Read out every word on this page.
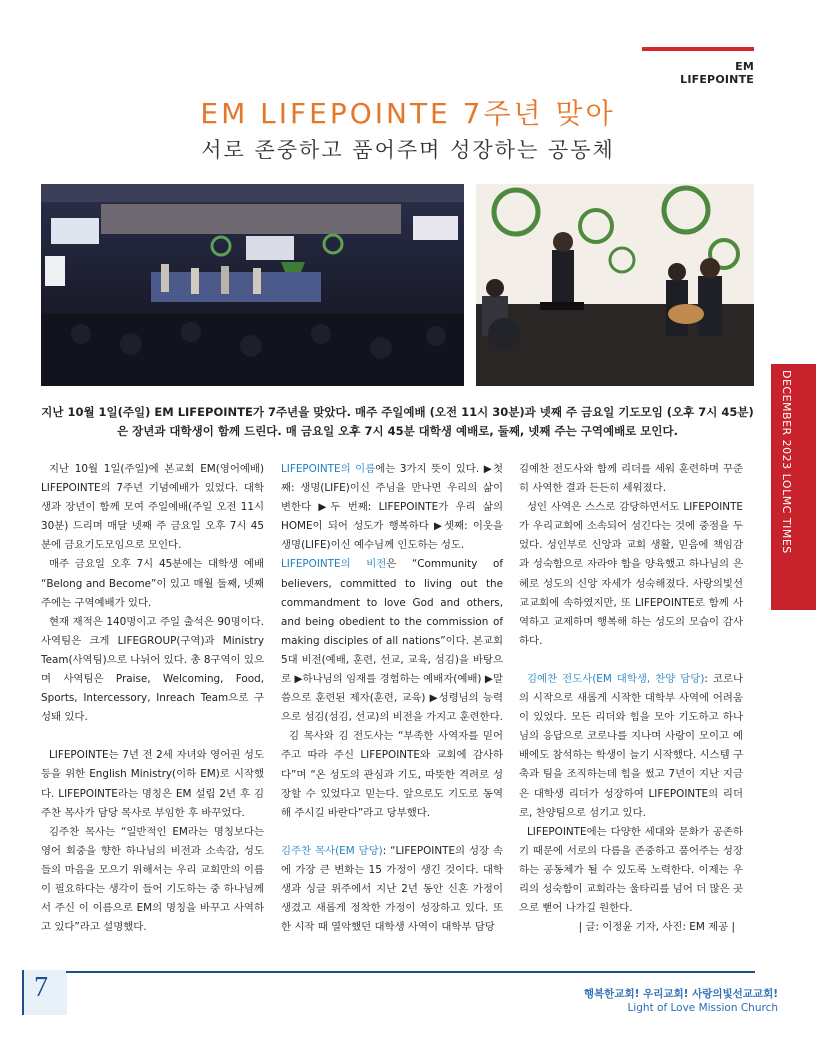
EM LIFEPOINTE
EM LIFEPOINTE 7주년 맞아
서로 존중하고 품어주며 성장하는 공동체
지난 10월 1일(주일) EM LIFEPOINTE가 7주년을 맞았다. 매주 주일예배 (오전 11시 30분)과 넷째 주 금요일 기도모임 (오후 7시 45분)은 장년과 대학생이 함께 드린다. 매 금요일 오후 7시 45분 대학생 예배로, 둘째, 넷째 주는 구역예배로 모인다.

지난 10월 1일(주일)에 본교회 EM(영어예배) LIFEPOINTE의 7주년 기념예배가 있었다. 대학생과 장년이 함께 모여 주일예배(주일 오전 11시 30분) 드리며 매달 넷째 주 금요일 오후 7시 45분에 금요기도모임으로 모인다.

매주 금요일 오후 7시 45분에는 대학생 예배 “Belong and Become”이 있고 매월 둘째, 넷째 주에는 구역예배가 있다.

현재 재적은 140명이고 주일 출석은 90명이다. 사역팀은 크게 LIFEGROUP(구역)과 Ministry Team(사역팀)으로 나뉘어 있다. 총 8구역이 있으며 사역팀은 Praise, Welcoming, Food, Sports, Intercessory, Inreach Team으로 구성돼 있다.

LIFEPOINTE는 7년 전 2세 자녀와 영어권 성도 등을 위한 English Ministry(이하 EM)로 시작했다. LIFEPOINTE라는 명칭은 EM 설립 2년 후 김주찬 목사가 담당 목사로 부임한 후 바꾸었다.

김주찬 목사는 “일반적인 EM라는 명칭보다는 영어 회중을 향한 하나님의 비전과 소속감, 성도들의 마음을 모으기 위해서는 우리 교회만의 이름이 필요하다는 생각이 들어 기도하는 중 하나님께서 주신 이 이름으로 EM의 명칭을 바꾸고 사역하고 있다”라고 설명했다.

LIFEPOINTE의 이름에는 3가지 뜻이 있다. ▶첫째: 생명(LIFE)이신 주님을 만나면 우리의 삶이 변한다 ▶두 번째: LIFEPOINTE가 우리 삶의 HOME이 되어 성도가 행복하다 ▶셋째: 이웃을 생명(LIFE)이신 예수님께 인도하는 성도.

LIFEPOINTE의 비전은 “Community of believers, committed to living out the commandment to love God and others, and being obedient to the commission of making disciples of all nations”이다. 본교회 5대 비전(예배, 훈련, 선교, 교육, 섬김)을 바탕으로 ▶하나님의 임재를 경험하는 예배자(예배) ▶말씀으로 훈련된 제자(훈련, 교육) ▶성령님의 능력으로 섬김(섬김, 선교)의 비전을 가지고 훈련한다.

김 목사와 김 전도사는 “부족한 사역자를 믿어주고 따라 주신 LIFEPOINTE와 교회에 감사하다”며 “온 성도의 관심과 기도, 따뜻한 격려로 성장할 수 있었다고 믿는다. 앞으로도 기도로 동역해 주시길 바란다”라고 당부했다.

김주찬 목사(EM 담당): “LIFEPOINTE의 성장 속에 가장 큰 변화는 15 가정이 생긴 것이다. 대학생과 싱글 위주에서 지난 2년 동안 신혼 가정이 생겼고 새롭게 정착한 가정이 성장하고 있다. 또한 시작 때 열악했던 대학생 사역이 대학부 담당

김예찬 전도사와 함께 리더를 세워 훈련하며 꾸준히 사역한 결과 든든히 세워졌다.

성인 사역은 스스로 감당하면서도 LIFEPOINTE가 우리교회에 소속되어 섬긴다는 것에 중점을 두었다. 성인부로 신앙과 교회 생활, 믿음에 책임감과 성숙함으로 자라야 함을 양육했고 하나님의 은혜로 성도의 신앙 자세가 성숙해졌다. 사랑의빛선교교회에 속하였지만, 또 LIFEPOINTE로 함께 사역하고 교제하며 행복해 하는 성도의 모습이 감사하다.

김예찬 전도사(EM 대학생, 찬양 담당): 코로나의 시작으로 새롭게 시작한 대학부 사역에 어려움이 있었다. 모든 리더와 힘을 모아 기도하고 하나님의 응답으로 코로나를 지나며 사랑이 모이고 예배에도 참석하는 학생이 늘기 시작했다. 시스템 구축과 팀을 조직하는데 힘을 썼고 7년이 지난 지금은 대학생 리더가 성장하여 LIFEPOINTE의 리더로, 찬양팀으로 섬기고 있다.

LIFEPOINTE에는 다양한 세대와 문화가 공존하기 때문에 서로의 다름을 존중하고 품어주는 성장하는 공동체가 될 수 있도록 노력한다. 이제는 우리의 성숙함이 교회라는 울타리를 넘어 더 많은 곳으로 뻗어 나가길 원한다.

| 글: 이정윤 기자, 사진: EM 제공 |

DECEMBER 2023 LOLMC TIMES
7	행복한교회! 우리교회! 사랑의빛선교교회!
Light of Love Mission Church
